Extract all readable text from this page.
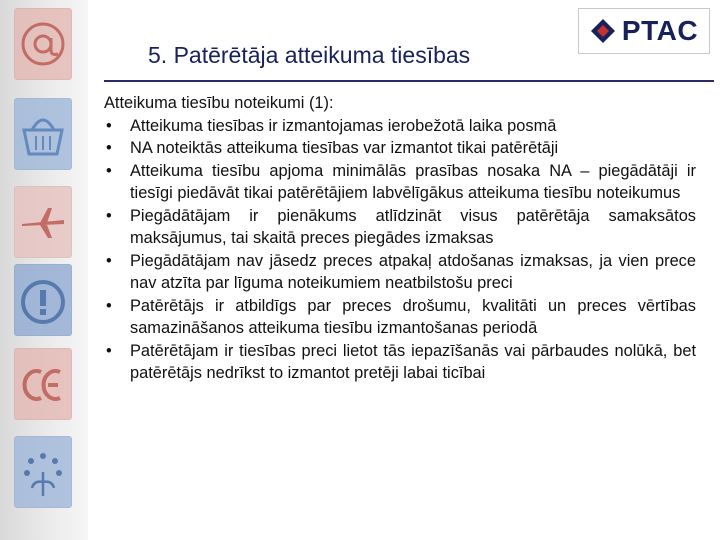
PTAC
5. Patērētāja atteikuma tiesības
Atteikuma tiesību noteikumi (1):
• Atteikuma tiesības ir izmantojamas ierobežotā laika posmā
• NA noteiktās atteikuma tiesības var izmantot tikai patērētāji
• Atteikuma tiesību apjoma minimālās prasības nosaka NA – piegādātāji ir tiesīgi piedāvāt tikai patērētājiem labvēlīgākus atteikuma tiesību noteikumus
• Piegādātājam ir pienākums atlīdzināt visus patērētāja samaksātos maksājumus, tai skaitā preces piegādes izmaksas
• Piegādātājam nav jāsedz preces atpakaļ atdošanas izmaksas, ja vien prece nav atzīta par līguma noteikumiem neatbilstošu preci
• Patērētājs ir atbildīgs par preces drošumu, kvalitāti un preces vērtības samazināšanos atteikuma tiesību izmantošanas periodā
• Patērētājam ir tiesības preci lietot tās iepazīšanās vai pārbaudes nolūkā, bet patērētājs nedrīkst to izmantot pretēji labai ticībai
